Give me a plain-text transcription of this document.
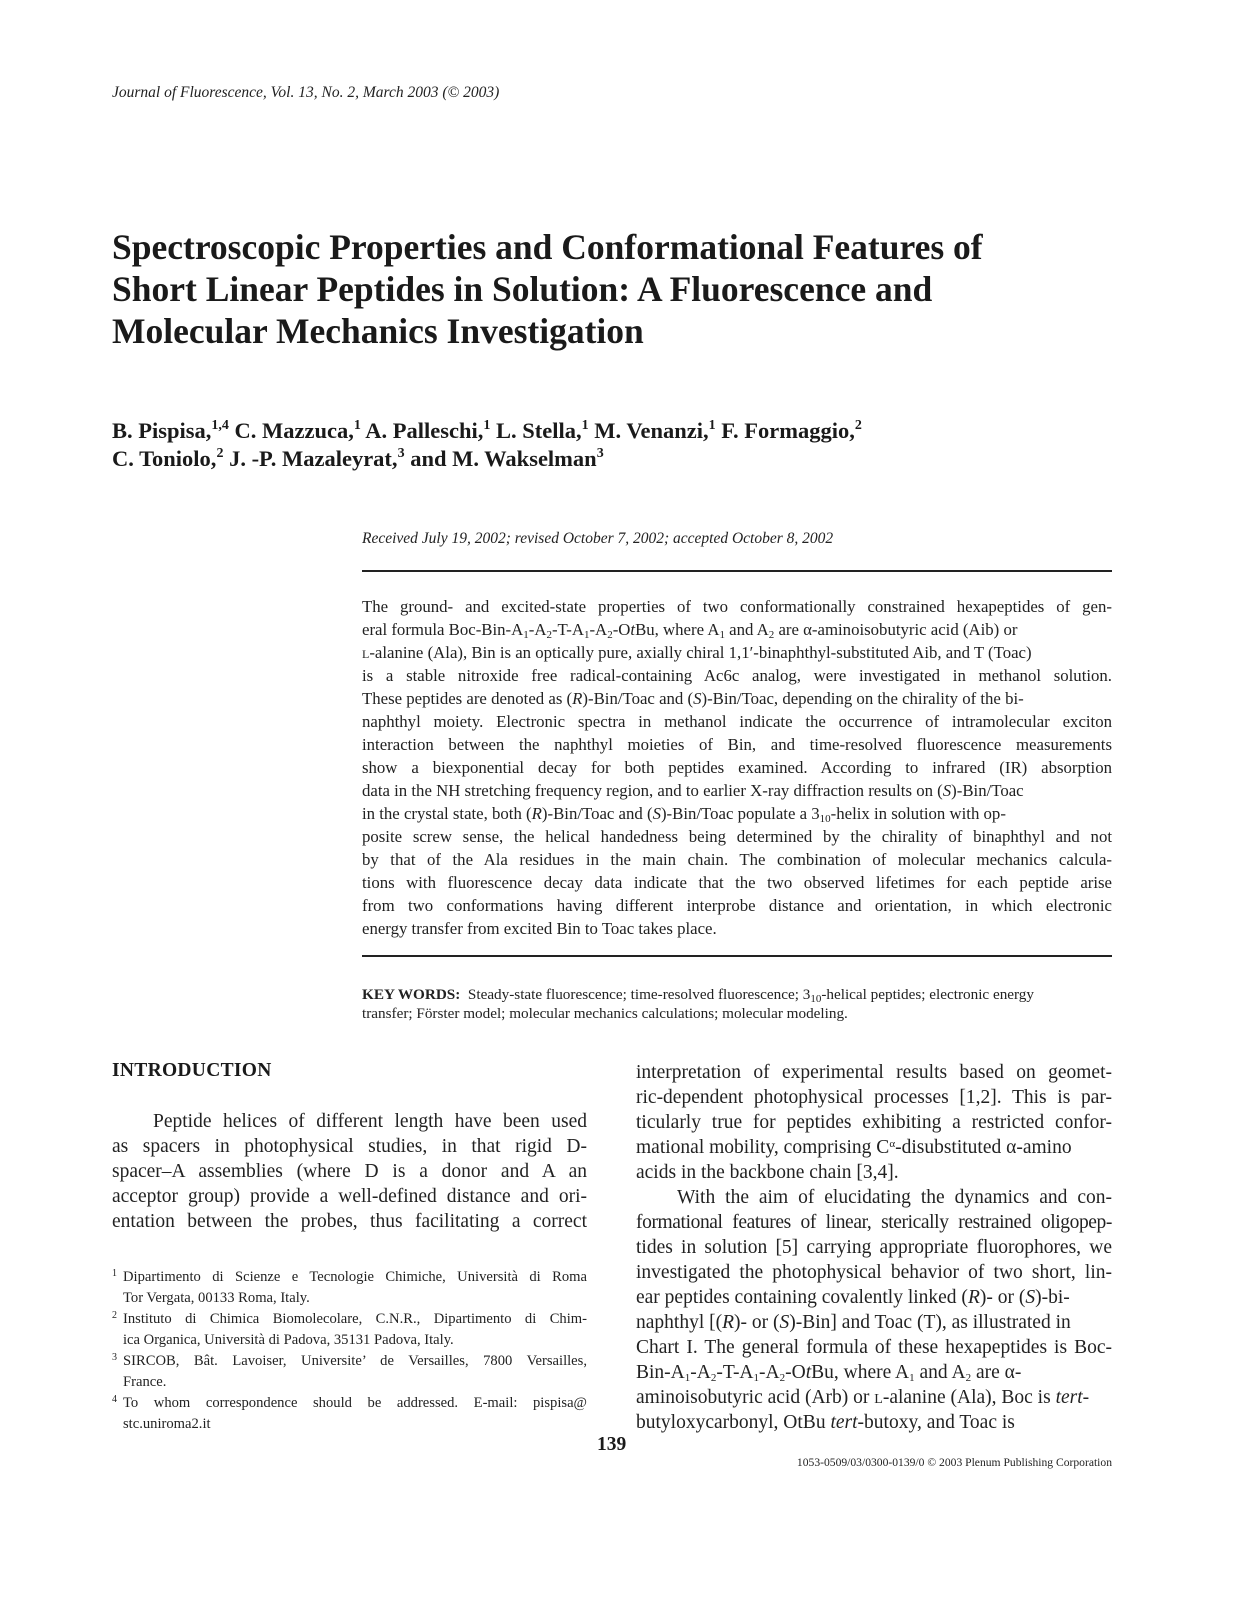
Journal of Fluorescence, Vol. 13, No. 2, March 2003 (© 2003)
Spectroscopic Properties and Conformational Features of
Short Linear Peptides in Solution: A Fluorescence and
Molecular Mechanics Investigation
B. Pispisa,$^{1,4}$ C. Mazzuca,$^1$ A. Palleschi,$^1$ L. Stella,$^1$ M. Venanzi,$^1$ F. Formaggio,$^2$
C. Toniolo,$^2$ J. -P. Mazaleyrat,$^3$ and M. Wakselman$^3$
Received July 19, 2002; revised October 7, 2002; accepted October 8, 2002
The ground- and excited-state properties of two conformationally constrained hexapeptides of gen-
eral formula Boc-$Bin-A_1-A_2-T-A_1-A_2$-OtBu, where $A_1$ and $A_2$ are α-aminoisobutyric acid (Aib) or
l-alanine (Ala), Bin is an optically pure, axially chiral 1,1′-binaphthyl-substituted Aib, and T (Toac)
is a stable nitroxide free radical-containing Ac6c analog, were investigated in methanol solution.
These peptides are denoted as (R)-Bin/Toac and (S)-Bin/Toac, depending on the chirality of the bi-
naphthyl moiety. Electronic spectra in methanol indicate the occurrence of intramolecular exciton
interaction between the naphthyl moieties of Bin, and time-resolved fluorescence measurements
show a biexponential decay for both peptides examined. According to infrared (IR) absorption
data in the NH stretching frequency region, and to earlier X-ray diffraction results on (S)-Bin/Toac
in the crystal state, both (R)-Bin/Toac and (S)-Bin/Toac populate a $3_{10}$-helix in solution with op-
posite screw sense, the helical handedness being determined by the chirality of binaphthyl and not
by that of the Ala residues in the main chain. The combination of molecular mechanics calcula-
tions with fluorescence decay data indicate that the two observed lifetimes for each peptide arise
from two conformations having different interprobe distance and orientation, in which electronic
energy transfer from excited Bin to Toac takes place.
KEY WORDS: Steady-state fluorescence; time-resolved fluorescence; $3_{10}$-helical peptides; electronic energy
transfer; Förster model; molecular mechanics calculations; molecular modeling.
INTRODUCTION
Peptide helices of different length have been used
as spacers in photophysical studies, in that rigid D-
spacer–A assemblies (where D is a donor and A an
acceptor group) provide a well-defined distance and ori-
entation between the probes, thus facilitating a correct
1 Dipartimento di Scienze e Tecnologie Chimiche, Università di Roma
Tor Vergata, 00133 Roma, Italy.
2 Instituto di Chimica Biomolecolare, C.N.R., Dipartimento di Chim-
ica Organica, Università di Padova, 35131 Padova, Italy.
3 SIRCOB, Bât. Lavoiser, Universite’ de Versailles, 7800 Versailles,
France.
4 To whom correspondence should be addressed. E-mail: pispisa@
stc.uniroma2.it
interpretation of experimental results based on geomet-
ric-dependent photophysical processes [1,2]. This is par-
ticularly true for peptides exhibiting a restricted confor-
mational mobility, comprising $C^\alpha$-disubstituted α-amino
acids in the backbone chain [3,4].
With the aim of elucidating the dynamics and con-
formational features of linear, sterically restrained oligopep-
tides in solution [5] carrying appropriate fluorophores, we
investigated the photophysical behavior of two short, lin-
ear peptides containing covalently linked (R)- or (S)-bi-
naphthyl [(R)- or (S)-Bin] and Toac (T), as illustrated in
Chart I. The general formula of these hexapeptides is Boc-
Bin-$A_1-A_2-T-A_1-A_2$-OtBu, where $A_1$ and $A_2$ are α-
aminoisobutyric acid (Arb) or l-alanine (Ala), Boc is tert-
butyloxycarbonyl, OtBu tert-butoxy, and Toac is
139
1053-0509/03/0300-0139/0 © 2003 Plenum Publishing Corporation
